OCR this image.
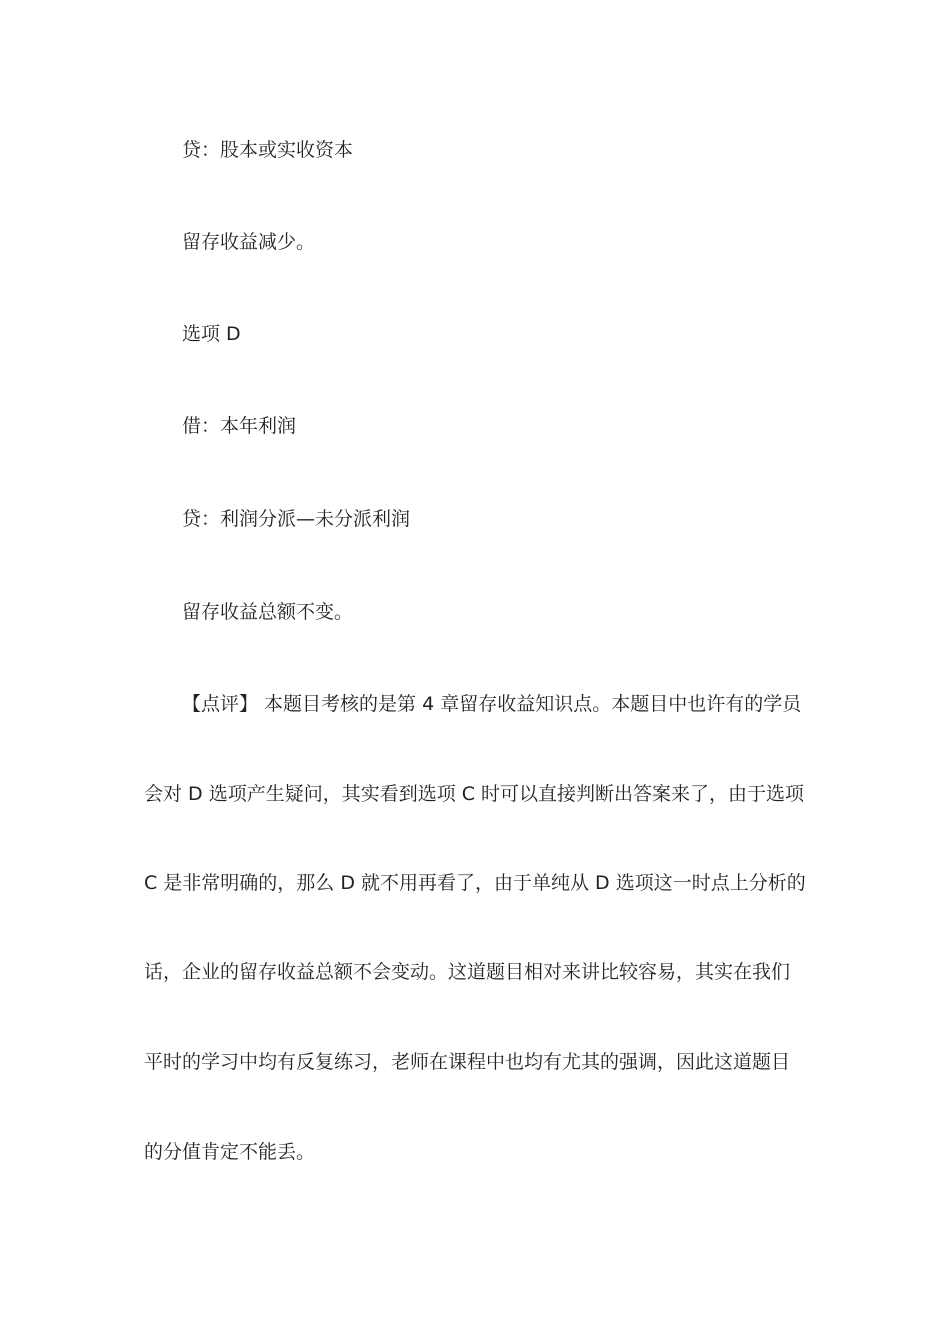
贷：股本或实收资本
留存收益减少。
选项 D
借：本年利润
贷：利润分派—未分派利润
留存收益总额不变。
【点评】 本题目考核的是第 4 章留存收益知识点。本题目中也许有的学员
会对 D 选项产生疑问，其实看到选项 C 时可以直接判断出答案来了，由于选项
C 是非常明确的，那么 D 就不用再看了，由于单纯从 D 选项这一时点上分析的
话，企业的留存收益总额不会变动。这道题目相对来讲比较容易，其实在我们
平时的学习中均有反复练习，老师在课程中也均有尤其的强调，因此这道题目
的分值肯定不能丢。
